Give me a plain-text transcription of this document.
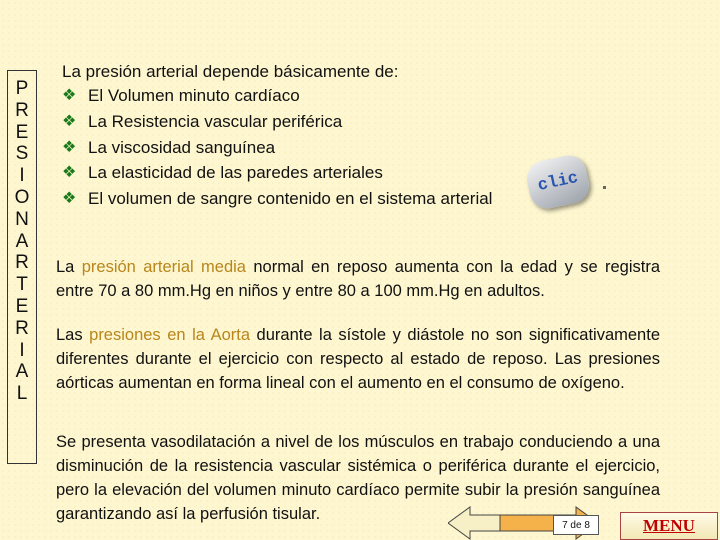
P
R
E
S
I
O
N
A
R
T
E
R
I
A
L
La presión arterial depende básicamente de:
❖ El Volumen minuto cardíaco
❖ La Resistencia vascular periférica
❖ La viscosidad sanguínea
❖ La elasticidad de las paredes arteriales
❖ El volumen de sangre contenido en el sistema arterial
clic

La presión arterial media normal en reposo aumenta con la edad y se registra entre 70 a 80 mm.Hg en niños y entre 80 a 100 mm.Hg en adultos.

Las presiones en la Aorta durante la sístole y diástole no son significativamente diferentes durante el ejercicio con respecto al estado de reposo. Las presiones aórticas aumentan en forma lineal con el aumento en el consumo de oxígeno.

Se presenta vasodilatación a nivel de los músculos en trabajo conduciendo a una disminución de la resistencia vascular sistémica o periférica durante el ejercicio, pero la elevación del volumen minuto cardíaco permite subir la presión sanguínea garantizando así la perfusión tisular.

7 de 8	MENU
